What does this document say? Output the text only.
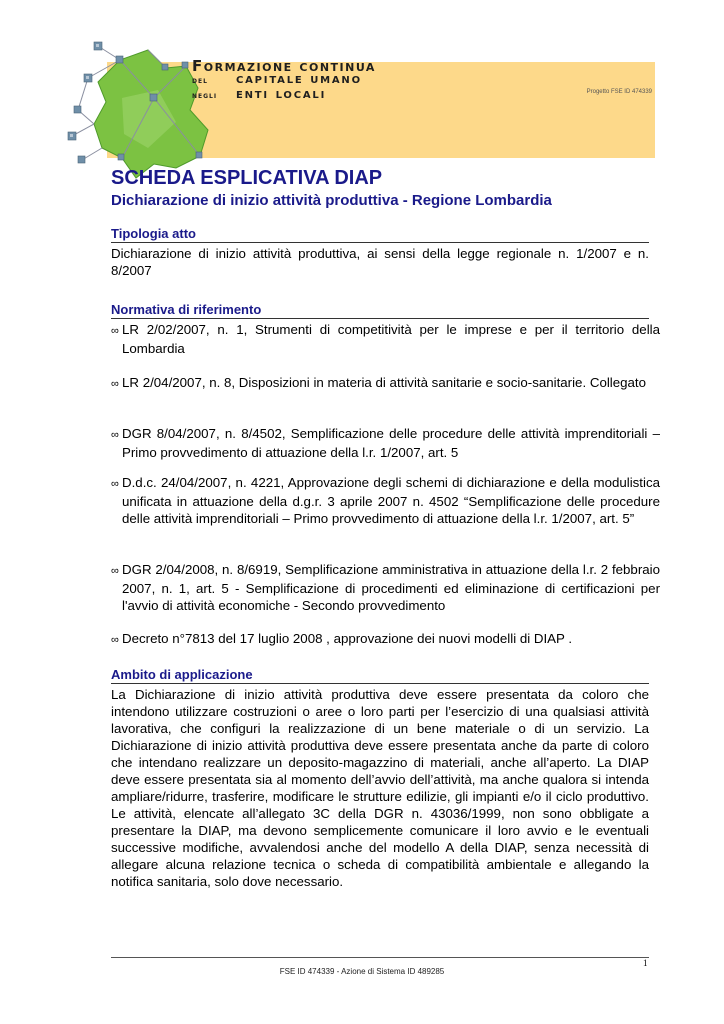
Formazione continua
del capitale umano
negli enti locali	Progetto FSE ID 474339
SCHEDA ESPLICATIVA DIAP
Dichiarazione di inizio attività produttiva - Regione Lombardia
Tipologia atto

Dichiarazione di inizio attività produttiva, ai sensi della legge regionale n. 1/2007 e n. 8/2007

Normativa di riferimento

∞ LR 2/02/2007, n. 1, Strumenti di competitività per le imprese e per il territorio della Lombardia

∞ LR 2/04/2007, n. 8, Disposizioni in materia di attività sanitarie e socio-sanitarie. Collegato

∞ DGR 8/04/2007, n. 8/4502, Semplificazione delle procedure delle attività imprenditoriali – Primo provvedimento di attuazione della l.r. 1/2007, art. 5

∞ D.d.c. 24/04/2007, n. 4221, Approvazione degli schemi di dichiarazione e della modulistica unificata in attuazione della d.g.r. 3 aprile 2007 n. 4502 “Semplificazione delle procedure delle attività imprenditoriali – Primo provvedimento di attuazione della l.r. 1/2007, art. 5”

∞ DGR 2/04/2008, n. 8/6919, Semplificazione amministrativa in attuazione della l.r. 2 febbraio 2007, n. 1, art. 5 - Semplificazione di procedimenti ed eliminazione di certificazioni per l'avvio di attività economiche - Secondo provvedimento

∞ Decreto n°7813 del 17 luglio 2008 , approvazione dei nuovi modelli di DIAP .

Ambito di applicazione

La Dichiarazione di inizio attività produttiva deve essere presentata da coloro che intendono utilizzare costruzioni o aree o loro parti per l’esercizio di una qualsiasi attività lavorativa, che configuri la realizzazione di un bene materiale o di un servizio. La Dichiarazione di inizio attività produttiva deve essere presentata anche da parte di coloro che intendano realizzare un deposito-magazzino di materiali, anche all’aperto. La DIAP deve essere presentata sia al momento dell’avvio dell’attività, ma anche qualora si intenda ampliare/ridurre, trasferire, modificare le strutture edilizie, gli impianti e/o il ciclo produttivo. Le attività, elencate all’allegato 3C della DGR n. 43036/1999, non sono obbligate a presentare la DIAP, ma devono semplicemente comunicare il loro avvio e le eventuali successive modifiche, avvalendosi anche del modello A della DIAP, senza necessità di allegare alcuna relazione tecnica o scheda di compatibilità ambientale e allegando la notifica sanitaria, solo dove necessario.

1
FSE ID 474339 - Azione di Sistema ID 489285
